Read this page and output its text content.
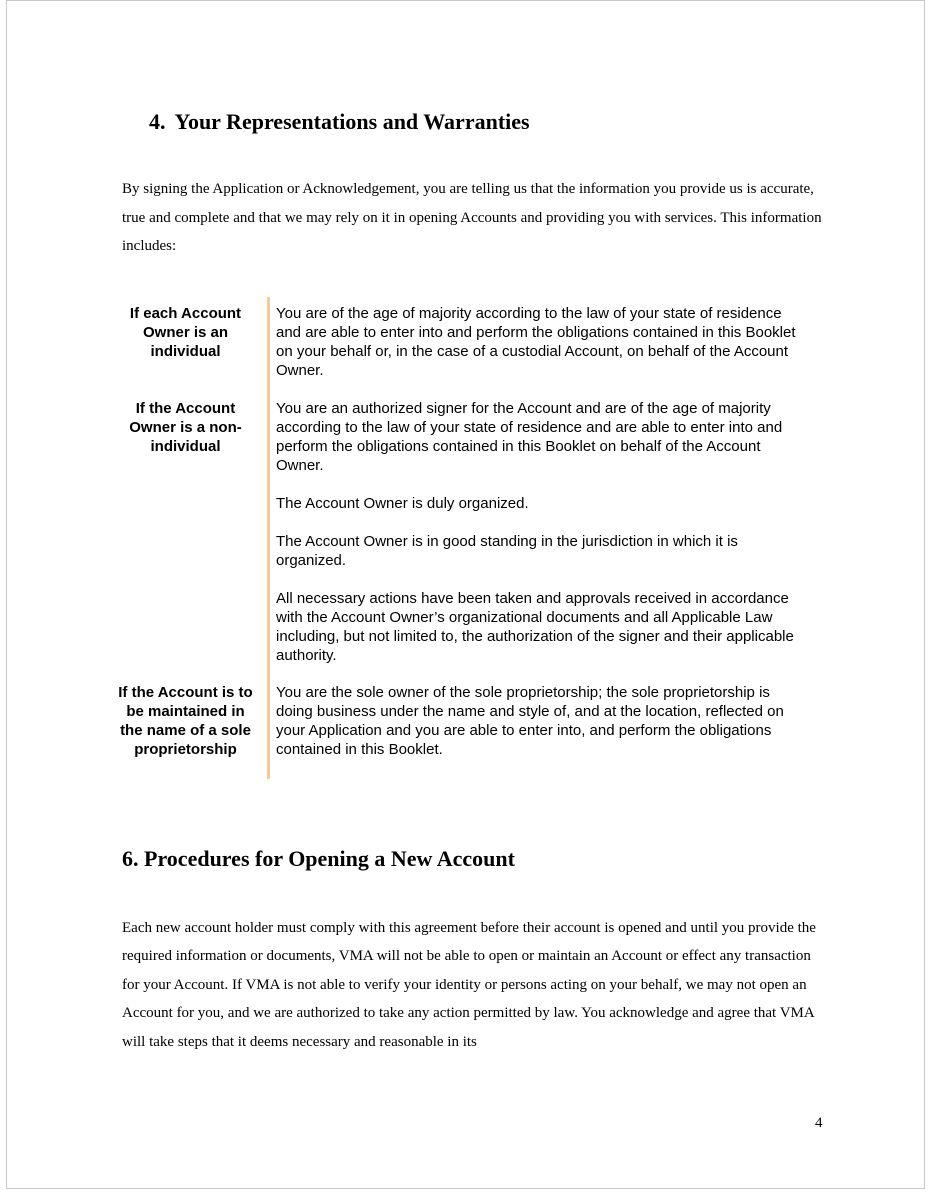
4. Your Representations and Warranties

By signing the Application or Acknowledgement, you are telling us that the information you provide us is accurate, true and complete and that we may rely on it in opening Accounts and providing you with services. This information includes:

If each Account Owner is an individual

You are of the age of majority according to the law of your state of residence and are able to enter into and perform the obligations contained in this Booklet on your behalf or, in the case of a custodial Account, on behalf of the Account Owner.

If the Account Owner is a non-individual

You are an authorized signer for the Account and are of the age of majority according to the law of your state of residence and are able to enter into and perform the obligations contained in this Booklet on behalf of the Account Owner.

The Account Owner is duly organized.

The Account Owner is in good standing in the jurisdiction in which it is organized.

All necessary actions have been taken and approvals received in accordance with the Account Owner’s organizational documents and all Applicable Law including, but not limited to, the authorization of the signer and their applicable authority.

If the Account is to be maintained in the name of a sole proprietorship

You are the sole owner of the sole proprietorship; the sole proprietorship is doing business under the name and style of, and at the location, reflected on your Application and you are able to enter into, and perform the obligations contained in this Booklet.

6. Procedures for Opening a New Account

Each new account holder must comply with this agreement before their account is opened and until you provide the required information or documents, VMA will not be able to open or maintain an Account or effect any transaction for your Account. If VMA is not able to verify your identity or persons acting on your behalf, we may not open an Account for you, and we are authorized to take any action permitted by law. You acknowledge and agree that VMA will take steps that it deems necessary and reasonable in its

4
